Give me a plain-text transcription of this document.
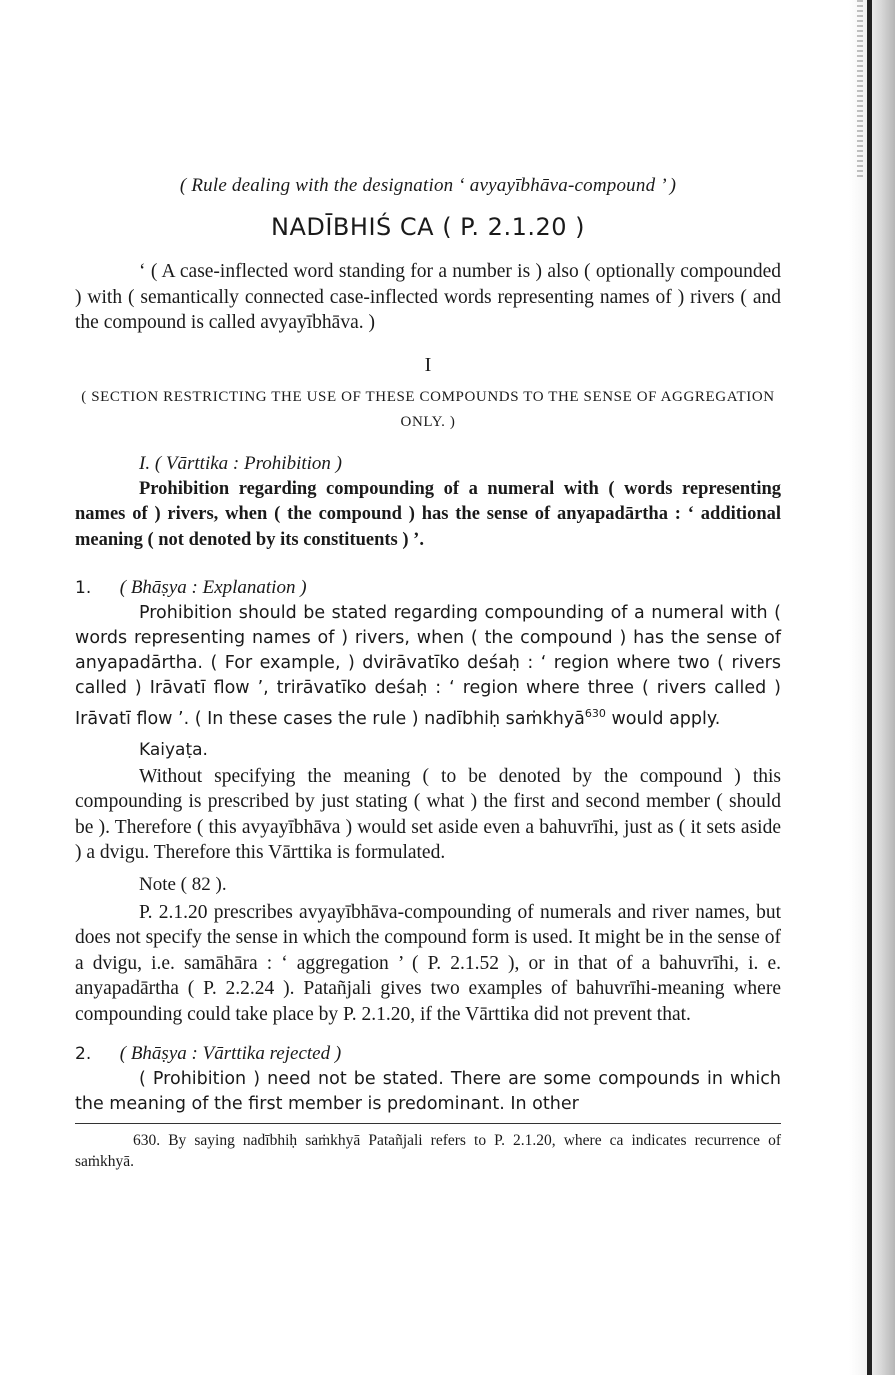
( Rule dealing with the designation ‘ avyayībhāva-compound ’ )

NADĪBHIŚ CA ( P. 2.1.20 )

‘ ( A case-inflected word standing for a number is ) also ( optionally compounded ) with ( semantically connected case-inflected words representing names of ) rivers ( and the compound is called avyayībhāva. )

I

( SECTION RESTRICTING THE USE OF THESE COMPOUNDS TO THE SENSE OF AGGREGATION ONLY. )

I. ( Vārttika : Prohibition )

Prohibition regarding compounding of a numeral with ( words representing names of ) rivers, when ( the compound ) has the sense of anyapadārtha : ‘ additional meaning ( not denoted by its constituents ) ’.

1. ( Bhāṣya : Explanation )

Prohibition should be stated regarding compounding of a numeral with ( words representing names of ) rivers, when ( the compound ) has the sense of anyapadārtha. ( For example, ) dvirāvatīko deśaḥ : ‘ region where two ( rivers called ) Irāvatī flow ’, trirāvatīko deśaḥ : ‘ region where three ( rivers called ) Irāvatī flow ’. ( In these cases the rule ) nadībhiḥ saṁkhyā$^{630}$ would apply.

Kaiyaṭa.

Without specifying the meaning ( to be denoted by the compound ) this compounding is prescribed by just stating ( what ) the first and second member ( should be ). Therefore ( this avyayībhāva ) would set aside even a bahuvrīhi, just as ( it sets aside ) a dvigu. Therefore this Vārttika is formulated.

Note ( 82 ).

P. 2.1.20 prescribes avyayībhāva-compounding of numerals and river names, but does not specify the sense in which the compound form is used. It might be in the sense of a dvigu, i.e. samāhāra : ‘ aggregation ’ ( P. 2.1.52 ), or in that of a bahuvrīhi, i. e. anyapadārtha ( P. 2.2.24 ). Patañjali gives two examples of bahuvrīhi-meaning where compounding could take place by P. 2.1.20, if the Vārttika did not prevent that.

2. ( Bhāṣya : Vārttika rejected )

( Prohibition ) need not be stated. There are some compounds in which the meaning of the first member is predominant. In other

630. By saying nadībhiḥ saṁkhyā Patañjali refers to P. 2.1.20, where ca indicates recurrence of saṁkhyā.
